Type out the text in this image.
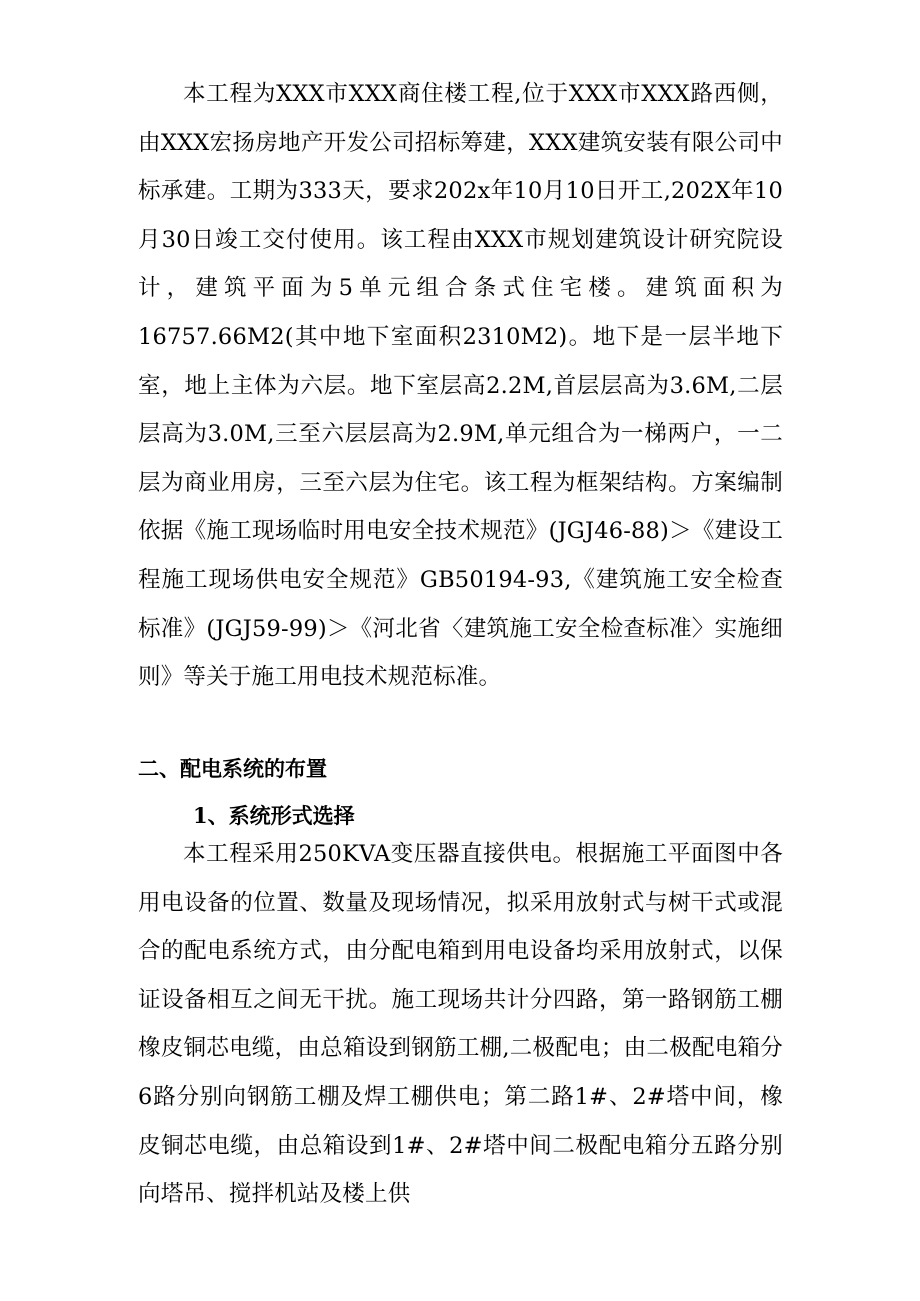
本工程为XXX市XXX商住楼工程,位于XXX市XXX路西侧，由XXX宏扬房地产开发公司招标筹建，XXX建筑安装有限公司中标承建。工期为333天，要求202x年10月10日开工,202X年10月30日竣工交付使用。该工程由XXX市规划建筑设计研究院设计，建筑平面为5单元组合条式住宅楼。建筑面积为16757.66M2(其中地下室面积2310M2)。地下是一层半地下室，地上主体为六层。地下室层高2.2M,首层层高为3.6M,二层层高为3.0M,三至六层层高为2.9M,单元组合为一梯两户，一二层为商业用房，三至六层为住宅。该工程为框架结构。方案编制依据《施工现场临时用电安全技术规范》(JGJ46-88)＞《建设工程施工现场供电安全规范》GB50194-93,《建筑施工安全检查标准》(JGJ59-99)＞《河北省〈建筑施工安全检查标准〉实施细则》等关于施工用电技术规范标准。

二、配电系统的布置
1、系统形式选择

本工程采用250KVA变压器直接供电。根据施工平面图中各用电设备的位置、数量及现场情况，拟采用放射式与树干式或混合的配电系统方式，由分配电箱到用电设备均采用放射式，以保证设备相互之间无干扰。施工现场共计分四路，第一路钢筋工棚橡皮铜芯电缆，由总箱设到钢筋工棚,二极配电；由二极配电箱分6路分别向钢筋工棚及焊工棚供电；第二路1#、2#塔中间，橡皮铜芯电缆，由总箱设到1#、2#塔中间二极配电箱分五路分别向塔吊、搅拌机站及楼上供
